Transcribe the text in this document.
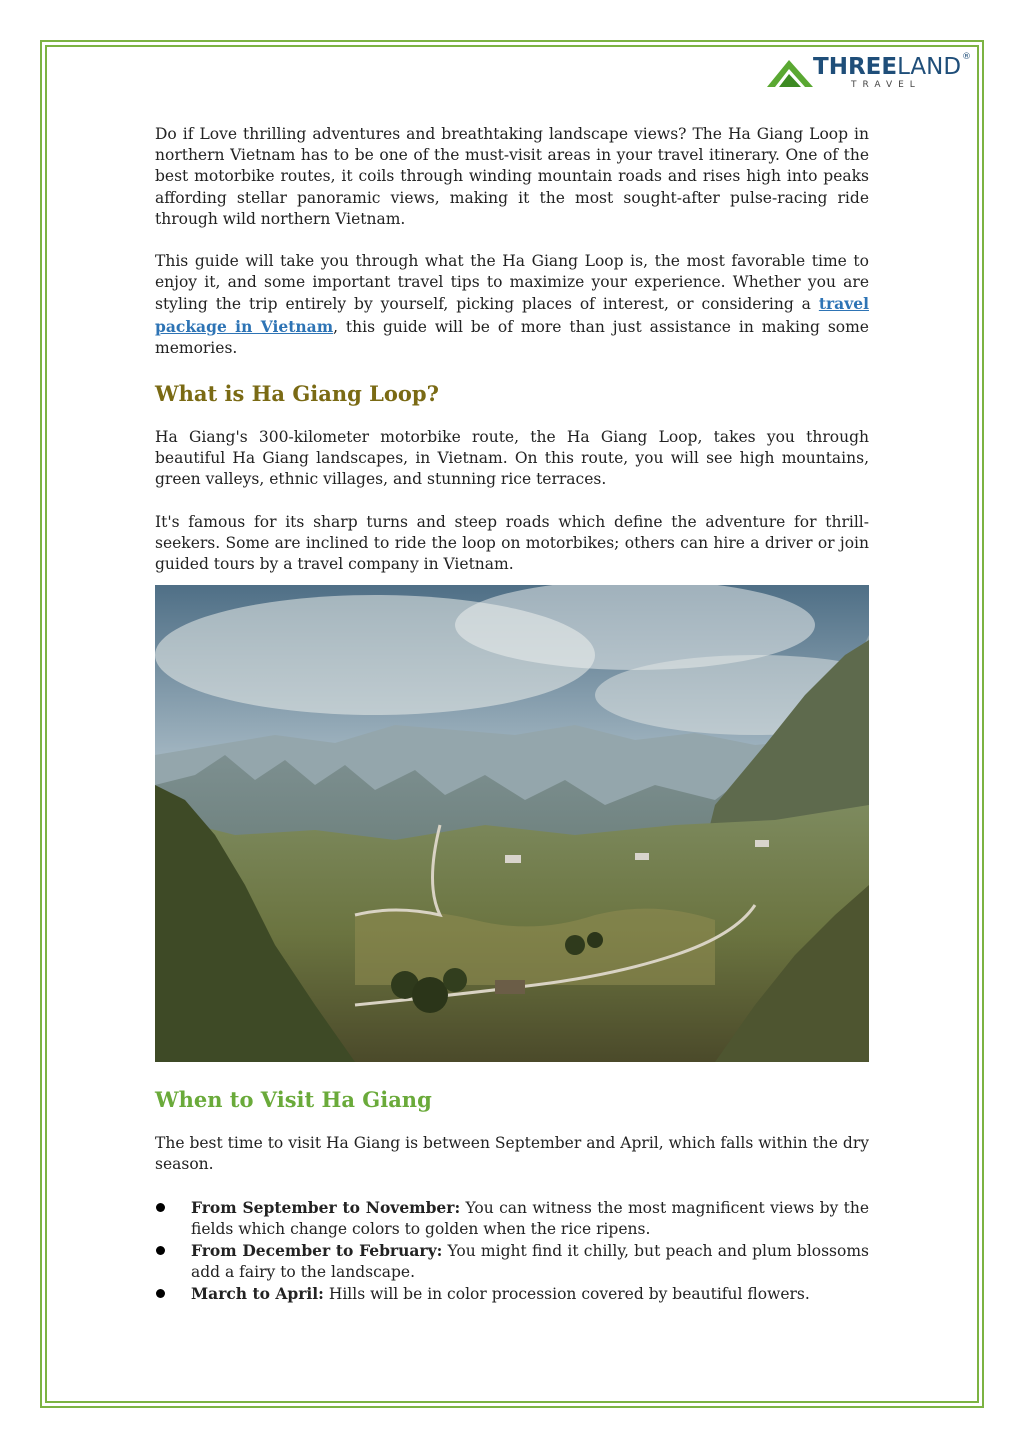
THREELAND ®
TRAVEL

Do if Love thrilling adventures and breathtaking landscape views? The Ha Giang Loop in northern Vietnam has to be one of the must-visit areas in your travel itinerary. One of the best motorbike routes, it coils through winding mountain roads and rises high into peaks affording stellar panoramic views, making it the most sought-after pulse-racing ride through wild northern Vietnam.

This guide will take you through what the Ha Giang Loop is, the most favorable time to enjoy it, and some important travel tips to maximize your experience. Whether you are styling the trip entirely by yourself, picking places of interest, or considering a travel package in Vietnam, this guide will be of more than just assistance in making some memories.

What is Ha Giang Loop?

Ha Giang's 300-kilometer motorbike route, the Ha Giang Loop, takes you through beautiful Ha Giang landscapes, in Vietnam. On this route, you will see high mountains, green valleys, ethnic villages, and stunning rice terraces.

It's famous for its sharp turns and steep roads which define the adventure for thrill-seekers. Some are inclined to ride the loop on motorbikes; others can hire a driver or join guided tours by a travel company in Vietnam.

When to Visit Ha Giang

The best time to visit Ha Giang is between September and April, which falls within the dry season.

From September to November: You can witness the most magnificent views by the fields which change colors to golden when the rice ripens.
From December to February: You might find it chilly, but peach and plum blossoms add a fairy to the landscape.
March to April: Hills will be in color procession covered by beautiful flowers.
